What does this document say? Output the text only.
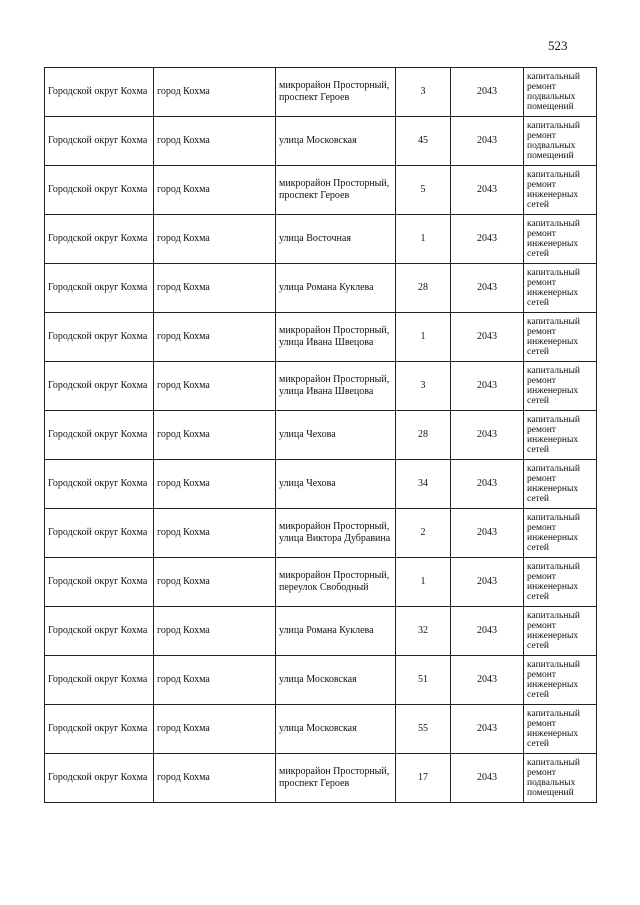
523
Городской округ Кохма	город Кохма	микрорайон Просторный, проспект Героев	3	2043	капитальный ремонт подвальных помещений
Городской округ Кохма	город Кохма	улица Московская	45	2043	капитальный ремонт подвальных помещений
Городской округ Кохма	город Кохма	микрорайон Просторный, проспект Героев	5	2043	капитальный ремонт инженерных сетей
Городской округ Кохма	город Кохма	улица Восточная	1	2043	капитальный ремонт инженерных сетей
Городской округ Кохма	город Кохма	улица Романа Куклева	28	2043	капитальный ремонт инженерных сетей
Городской округ Кохма	город Кохма	микрорайон Просторный, улица Ивана Швецова	1	2043	капитальный ремонт инженерных сетей
Городской округ Кохма	город Кохма	микрорайон Просторный, улица Ивана Швецова	3	2043	капитальный ремонт инженерных сетей
Городской округ Кохма	город Кохма	улица Чехова	28	2043	капитальный ремонт инженерных сетей
Городской округ Кохма	город Кохма	улица Чехова	34	2043	капитальный ремонт инженерных сетей
Городской округ Кохма	город Кохма	микрорайон Просторный, улица Виктора Дубравина	2	2043	капитальный ремонт инженерных сетей
Городской округ Кохма	город Кохма	микрорайон Просторный, переулок Свободный	1	2043	капитальный ремонт инженерных сетей
Городской округ Кохма	город Кохма	улица Романа Куклева	32	2043	капитальный ремонт инженерных сетей
Городской округ Кохма	город Кохма	улица Московская	51	2043	капитальный ремонт инженерных сетей
Городской округ Кохма	город Кохма	улица Московская	55	2043	капитальный ремонт инженерных сетей
Городской округ Кохма	город Кохма	микрорайон Просторный, проспект Героев	17	2043	капитальный ремонт подвальных помещений
